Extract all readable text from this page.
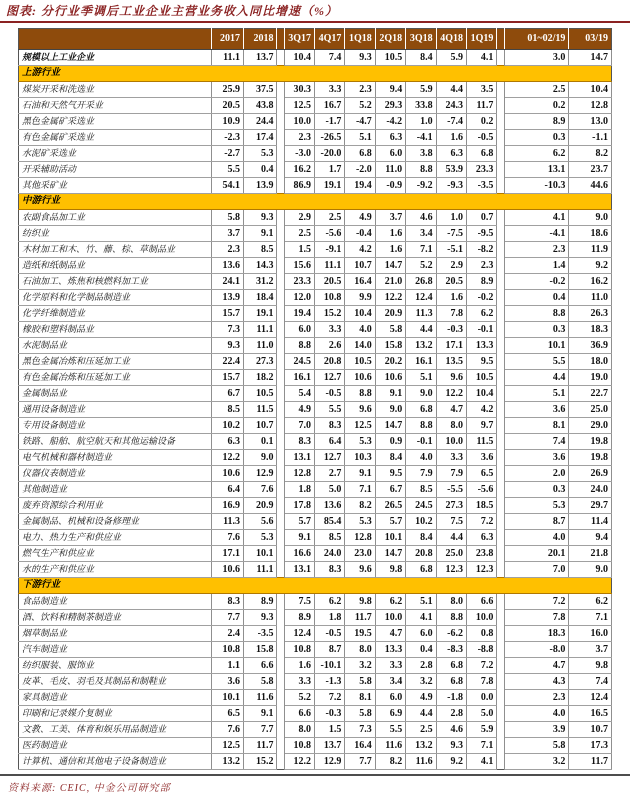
图表: 分行业季调后工业企业主营业务收入同比增速（%）
	2017	2018		3Q17	4Q17	1Q18	2Q18	3Q18	4Q18	1Q19		01~02/19	03/19
规模以上工业企业	11.1	13.7		10.4	7.4	9.3	10.5	8.4	5.9	4.1		3.0	14.7
上游行业													
煤炭开采和洗选业	25.9	37.5		30.3	3.3	2.3	9.4	5.9	4.4	3.5		2.5	10.4
石油和天然气开采业	20.5	43.8		12.5	16.7	5.2	29.3	33.8	24.3	11.7		0.2	12.8
黑色金属矿采选业	10.9	24.4		10.0	-1.7	-4.7	-4.2	1.0	-7.4	0.2		8.9	13.0
有色金属矿采选业	-2.3	17.4		2.3	-26.5	5.1	6.3	-4.1	1.6	-0.5		0.3	-1.1
水泥矿采选业	-2.7	5.3		-3.0	-20.0	6.8	6.0	3.8	6.3	6.8		6.2	8.2
开采辅助活动	5.5	0.4		16.2	1.7	-2.0	11.0	8.8	53.9	23.3		13.1	23.7
其他采矿业	54.1	13.9		86.9	19.1	19.4	-0.9	-9.2	-9.3	-3.5		-10.3	44.6
中游行业													
农副食品加工业	5.8	9.3		2.9	2.5	4.9	3.7	4.6	1.0	0.7		4.1	9.0
纺织业	3.7	9.1		2.5	-5.6	-0.4	1.6	3.4	-7.5	-9.5		-4.1	18.6
木材加工和木、竹、藤、棕、草制品业	2.3	8.5		1.5	-9.1	4.2	1.6	7.1	-5.1	-8.2		2.3	11.9
造纸和纸制品业	13.6	14.3		15.6	11.1	10.7	14.7	5.2	2.9	2.3		1.4	9.2
石油加工、炼焦和核燃料加工业	24.1	31.2		23.3	20.5	16.4	21.0	26.8	20.5	8.9		-0.2	16.2
化学原料和化学制品制造业	13.9	18.4		12.0	10.8	9.9	12.2	12.4	1.6	-0.2		0.4	11.0
化学纤维制造业	15.7	19.1		19.4	15.2	10.4	20.9	11.3	7.8	6.2		8.8	26.3
橡胶和塑料制品业	7.3	11.1		6.0	3.3	4.0	5.8	4.4	-0.3	-0.1		0.3	18.3
水泥制品业	9.3	11.0		8.8	2.6	14.0	15.8	13.2	17.1	13.3		10.1	36.9
黑色金属冶炼和压延加工业	22.4	27.3		24.5	20.8	10.5	20.2	16.1	13.5	9.5		5.5	18.0
有色金属冶炼和压延加工业	15.7	18.2		16.1	12.7	10.6	10.6	5.1	9.6	10.5		4.4	19.0
金属制品业	6.7	10.5		5.4	-0.5	8.8	9.1	9.0	12.2	10.4		5.1	22.7
通用设备制造业	8.5	11.5		4.9	5.5	9.6	9.0	6.8	4.7	4.2		3.6	25.0
专用设备制造业	10.2	10.7		7.0	8.3	12.5	14.7	8.8	8.0	9.7		8.1	29.0
铁路、船舶、航空航天和其他运输设备	6.3	0.1		8.3	6.4	5.3	0.9	-0.1	10.0	11.5		7.4	19.8
电气机械和器材制造业	12.2	9.0		13.1	12.7	10.3	8.4	4.0	3.3	3.6		3.6	19.8
仪器仪表制造业	10.6	12.9		12.8	2.7	9.1	9.5	7.9	7.9	6.5		2.0	26.9
其他制造业	6.4	7.6		1.8	5.0	7.1	6.7	8.5	-5.5	-5.6		0.3	24.0
废弃资源综合利用业	16.9	20.9		17.8	13.6	8.2	26.5	24.5	27.3	18.5		5.3	29.7
金属制品、机械和设备修理业	11.3	5.6		5.7	85.4	5.3	5.7	10.2	7.5	7.2		8.7	11.4
电力、热力生产和供应业	7.6	5.3		9.1	8.5	12.8	10.1	8.4	4.4	6.3		4.0	9.4
燃气生产和供应业	17.1	10.1		16.6	24.0	23.0	14.7	20.8	25.0	23.8		20.1	21.8
水的生产和供应业	10.6	11.1		13.1	8.3	9.6	9.8	6.8	12.3	12.3		7.0	9.0
下游行业													
食品制造业	8.3	8.9		7.5	6.2	9.8	6.2	5.1	8.0	6.6		7.2	6.2
酒、饮料和精制茶制造业	7.7	9.3		8.9	1.8	11.7	10.0	4.1	8.8	10.0		7.8	7.1
烟草制品业	2.4	-3.5		12.4	-0.5	19.5	4.7	6.0	-6.2	0.8		18.3	16.0
汽车制造业	10.8	15.8		10.8	8.7	8.0	13.3	0.4	-8.3	-8.8		-8.0	3.7
纺织服装、服饰业	1.1	6.6		1.6	-10.1	3.2	3.3	2.8	6.8	7.2		4.7	9.8
皮革、毛皮、羽毛及其制品和制鞋业	3.6	5.8		3.3	-1.3	5.8	3.4	3.2	6.8	7.8		4.3	7.4
家具制造业	10.1	11.6		5.2	7.2	8.1	6.0	4.9	-1.8	0.0		2.3	12.4
印刷和记录媒介复制业	6.5	9.1		6.6	-0.3	5.8	6.9	4.4	2.8	5.0		4.0	16.5
文教、工美、体育和娱乐用品制造业	7.6	7.7		8.0	1.5	7.3	5.5	2.5	4.6	5.9		3.9	10.7
医药制造业	12.5	11.7		10.8	13.7	16.4	11.6	13.2	9.3	7.1		5.8	17.3
计算机、通信和其他电子设备制造业	13.2	15.2		12.2	12.9	7.7	8.2	11.6	9.2	4.1		3.2	11.7
资料来源: CEIC, 中金公司研究部
